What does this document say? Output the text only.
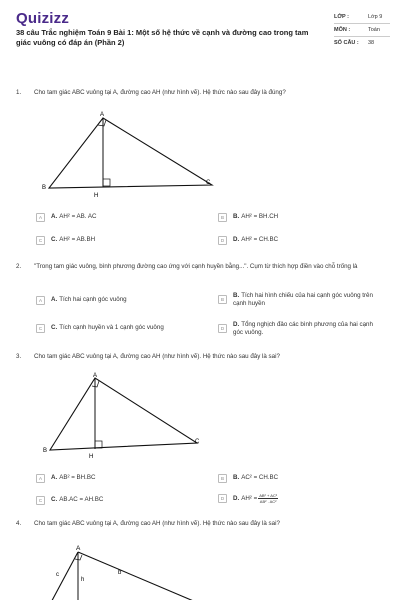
Quizizz
38 câu Trắc nghiệm Toán 9 Bài 1: Một số hệ thức về cạnh và đường cao trong tam giác vuông có đáp án (Phần 2)
LỚP :	Lớp 9
MÔN :	Toán
SỐ CÂU :	38
1. Cho tam giác ABC vuông tại A, đường cao AH (như hình vẽ). Hệ thức nào sau đây là đúng?
A
B
H
C
A	A. AH² = AB. AC	B	B. AH² = BH.CH
C	C. AH² = AB.BH	D	D. AH² = CH.BC
2. "Trong tam giác vuông, bình phương đường cao ứng với cạnh huyền bằng...". Cụm từ thích hợp điền vào chỗ trống là
A	A. Tích hai cạnh góc vuông	B	B. Tích hai hình chiếu của hai cạnh góc vuông trên cạnh huyền
C	C. Tích cạnh huyền và 1 cạnh góc vuông	D	D. Tổng nghịch đảo các bình phương của hai cạnh góc vuông.
3. Cho tam giác ABC vuông tại A, đường cao AH (như hình vẽ). Hệ thức nào sau đây là sai?
A
B
H
C
A	A. AB² = BH.BC	B	B. AC² = CH.BC
C	C. AB.AC = AH.BC	D	D. $AH^2 = \frac{\text{AB² + AC²}}{\text{AB² . AC²}}$
4. Cho tam giác ABC vuông tại A, đường cao AH (như hình vẽ). Hệ thức nào sau đây là sai?
A
c	b
h
